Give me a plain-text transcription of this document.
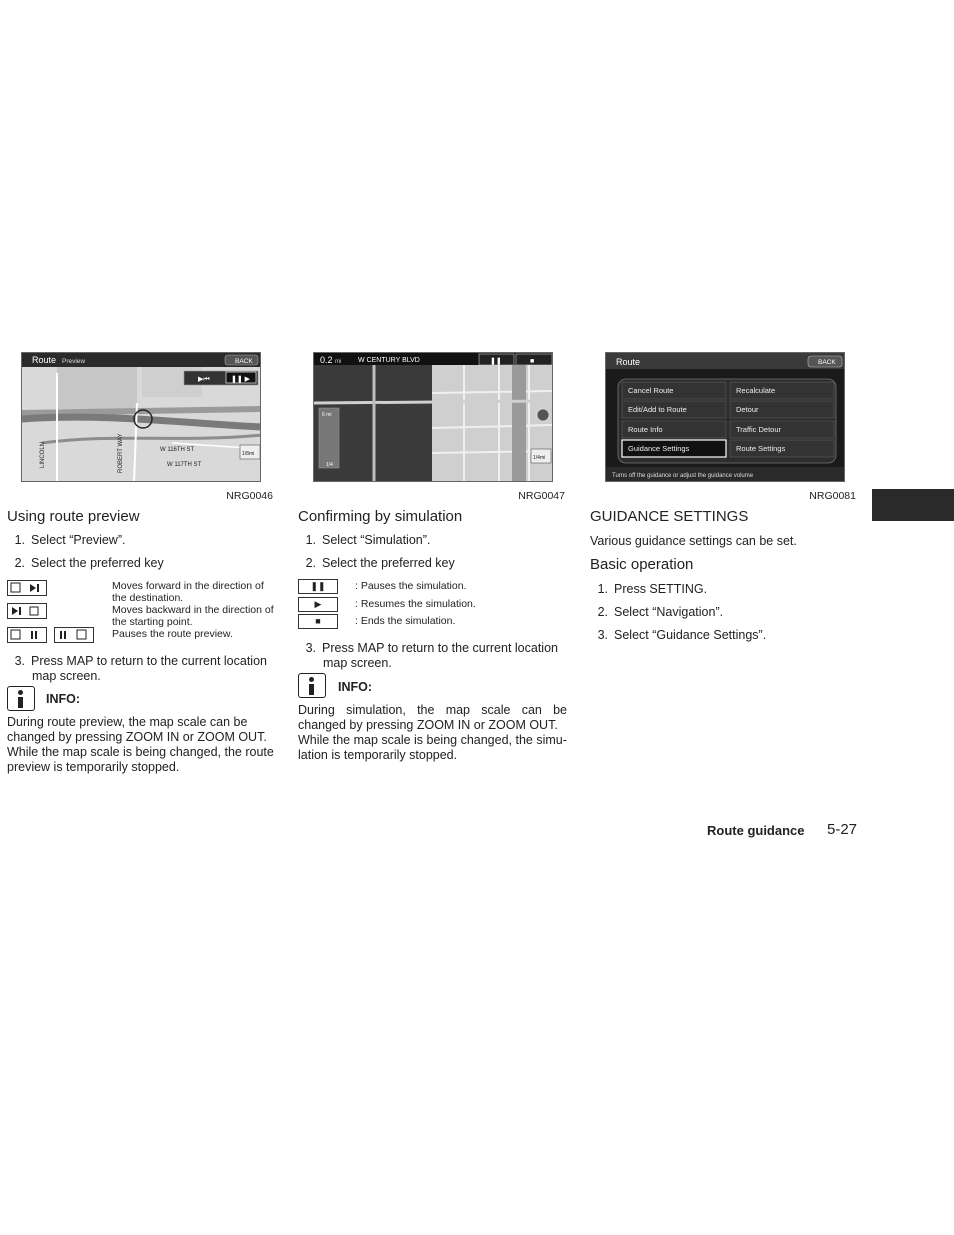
Route Preview	BACK
▶⏮	❚❚ ▶
1/8mi
W 116TH ST
W 117TH ST
ROBERT WAY
LINCOLN
NRG0046
0.2 mi W CENTURY BLVD	❚❚	■
6 mi
1/4
1/4mi
NRG0047
Route	BACK
Cancel Route	Recalculate
Edit/Add to Route	Detour
Route Info	Traffic Detour
Guidance Settings	Route Settings
Turns off the guidance or adjust the guidance volume
NRG0081
Using route preview
1. Select “Preview”.
2. Select the preferred key
Moves forward in the direction of
the destination.
Moves backward in the direction of
the starting point.
Pauses the route preview.
3. Press MAP to return to the current location
map screen.
INFO:
During route preview, the map scale can be
changed by pressing ZOOM IN or ZOOM OUT.
While the map scale is being changed, the route
preview is temporarily stopped.
Confirming by simulation
1. Select “Simulation”.
2. Select the preferred key
❚❚	: Pauses the simulation.
▶	: Resumes the simulation.
■	: Ends the simulation.
3. Press MAP to return to the current location
map screen.
INFO:
During simulation, the map scale can be
changed by pressing ZOOM IN or ZOOM OUT.
While the map scale is being changed, the simu-
lation is temporarily stopped.
GUIDANCE SETTINGS
Various guidance settings can be set.
Basic operation
1. Press SETTING.
2. Select “Navigation”.
3. Select “Guidance Settings”.
Route guidance 5-27
